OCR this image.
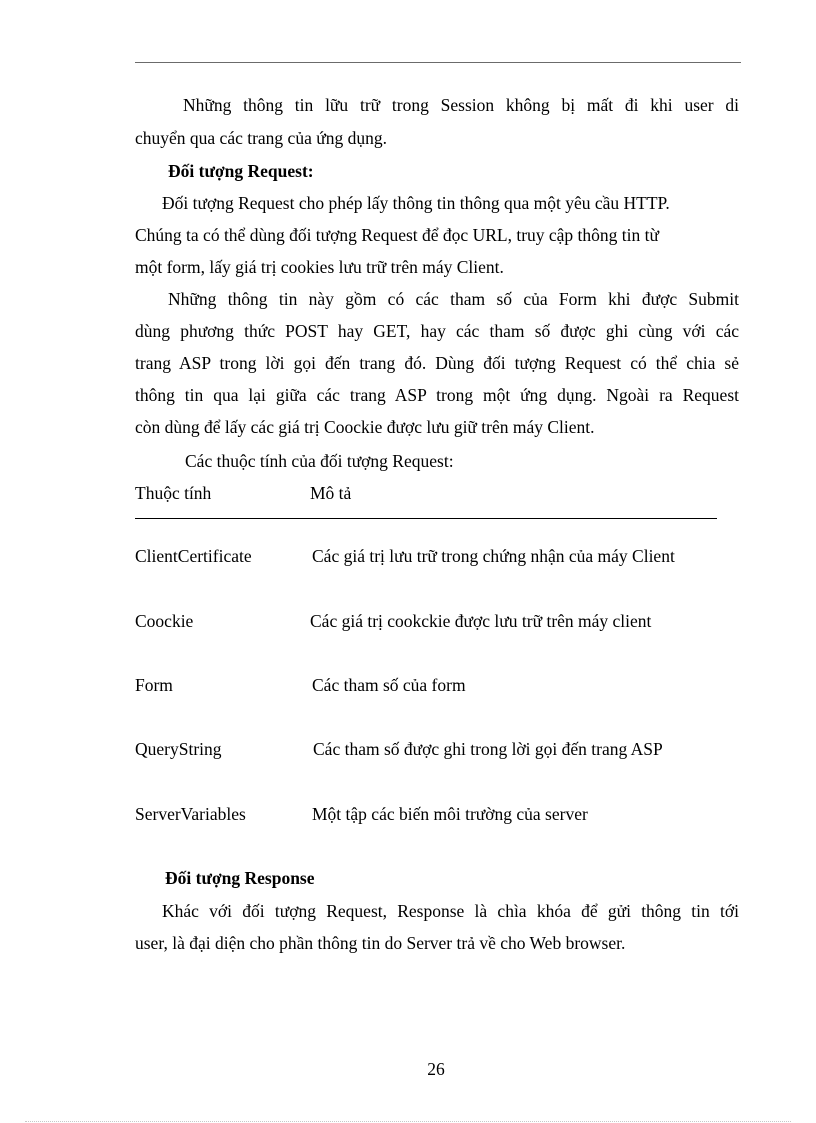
Những thông tin lữu trữ trong Session không bị mất đi khi user di
chuyển qua các trang của ứng dụng.
Đối tượng Request:
Đối tượng Request cho phép lấy thông tin thông qua một yêu cầu HTTP.
Chúng ta có thể dùng đối tượng Request để đọc URL, truy cập thông tin từ
một form, lấy giá trị cookies lưu trữ trên máy Client.
Những thông tin này gồm có các tham số của Form khi được Submit
dùng phương thức POST hay GET, hay các tham số được ghi cùng với các
trang ASP trong lời gọi đến trang đó. Dùng đối tượng Request có thể chia sẻ
thông tin qua lại giữa các trang ASP trong một ứng dụng. Ngoài ra Request
còn dùng để lấy các giá trị Coockie được lưu giữ trên máy Client.
Các thuộc tính của đối tượng Request:
Thuộc tính	Mô tả
ClientCertificate	Các giá trị lưu trữ trong chứng nhận của máy Client
Coockie	Các giá trị cookckie được lưu trữ trên máy client
Form	Các tham số của form
QueryString	Các tham số được ghi trong lời gọi đến trang ASP
ServerVariables	Một tập các biến môi trường của server
Đối tượng Response
Khác với đối tượng Request, Response là chìa khóa để gửi thông tin tới
user, là đại diện cho phần thông tin do Server trả về cho Web browser.
26
